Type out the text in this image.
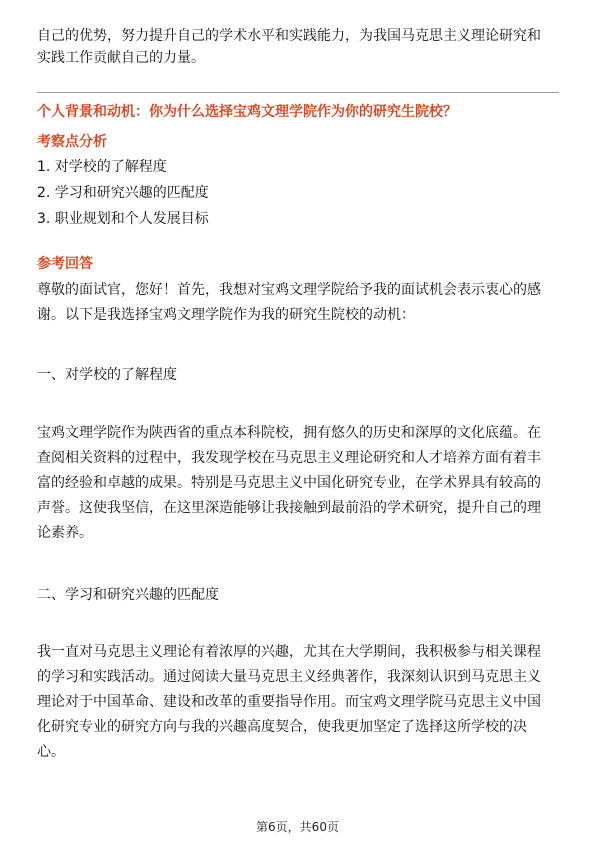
自己的优势，努力提升自己的学术水平和实践能力，为我国马克思主义理论研究和
实践工作贡献自己的力量。
个人背景和动机：你为什么选择宝鸡文理学院作为你的研究生院校？
考察点分析
1. 对学校的了解程度
2. 学习和研究兴趣的匹配度
3. 职业规划和个人发展目标
参考回答
尊敬的面试官，您好！首先，我想对宝鸡文理学院给予我的面试机会表示衷心的感
谢。以下是我选择宝鸡文理学院作为我的研究生院校的动机：
一、对学校的了解程度
宝鸡文理学院作为陕西省的重点本科院校，拥有悠久的历史和深厚的文化底蕴。在
查阅相关资料的过程中，我发现学校在马克思主义理论研究和人才培养方面有着丰
富的经验和卓越的成果。特别是马克思主义中国化研究专业，在学术界具有较高的
声誉。这使我坚信，在这里深造能够让我接触到最前沿的学术研究，提升自己的理
论素养。
二、学习和研究兴趣的匹配度
我一直对马克思主义理论有着浓厚的兴趣，尤其在大学期间，我积极参与相关课程
的学习和实践活动。通过阅读大量马克思主义经典著作，我深刻认识到马克思主义
理论对于中国革命、建设和改革的重要指导作用。而宝鸡文理学院马克思主义中国
化研究专业的研究方向与我的兴趣高度契合，使我更加坚定了选择这所学校的决
心。
第6页，共60页
